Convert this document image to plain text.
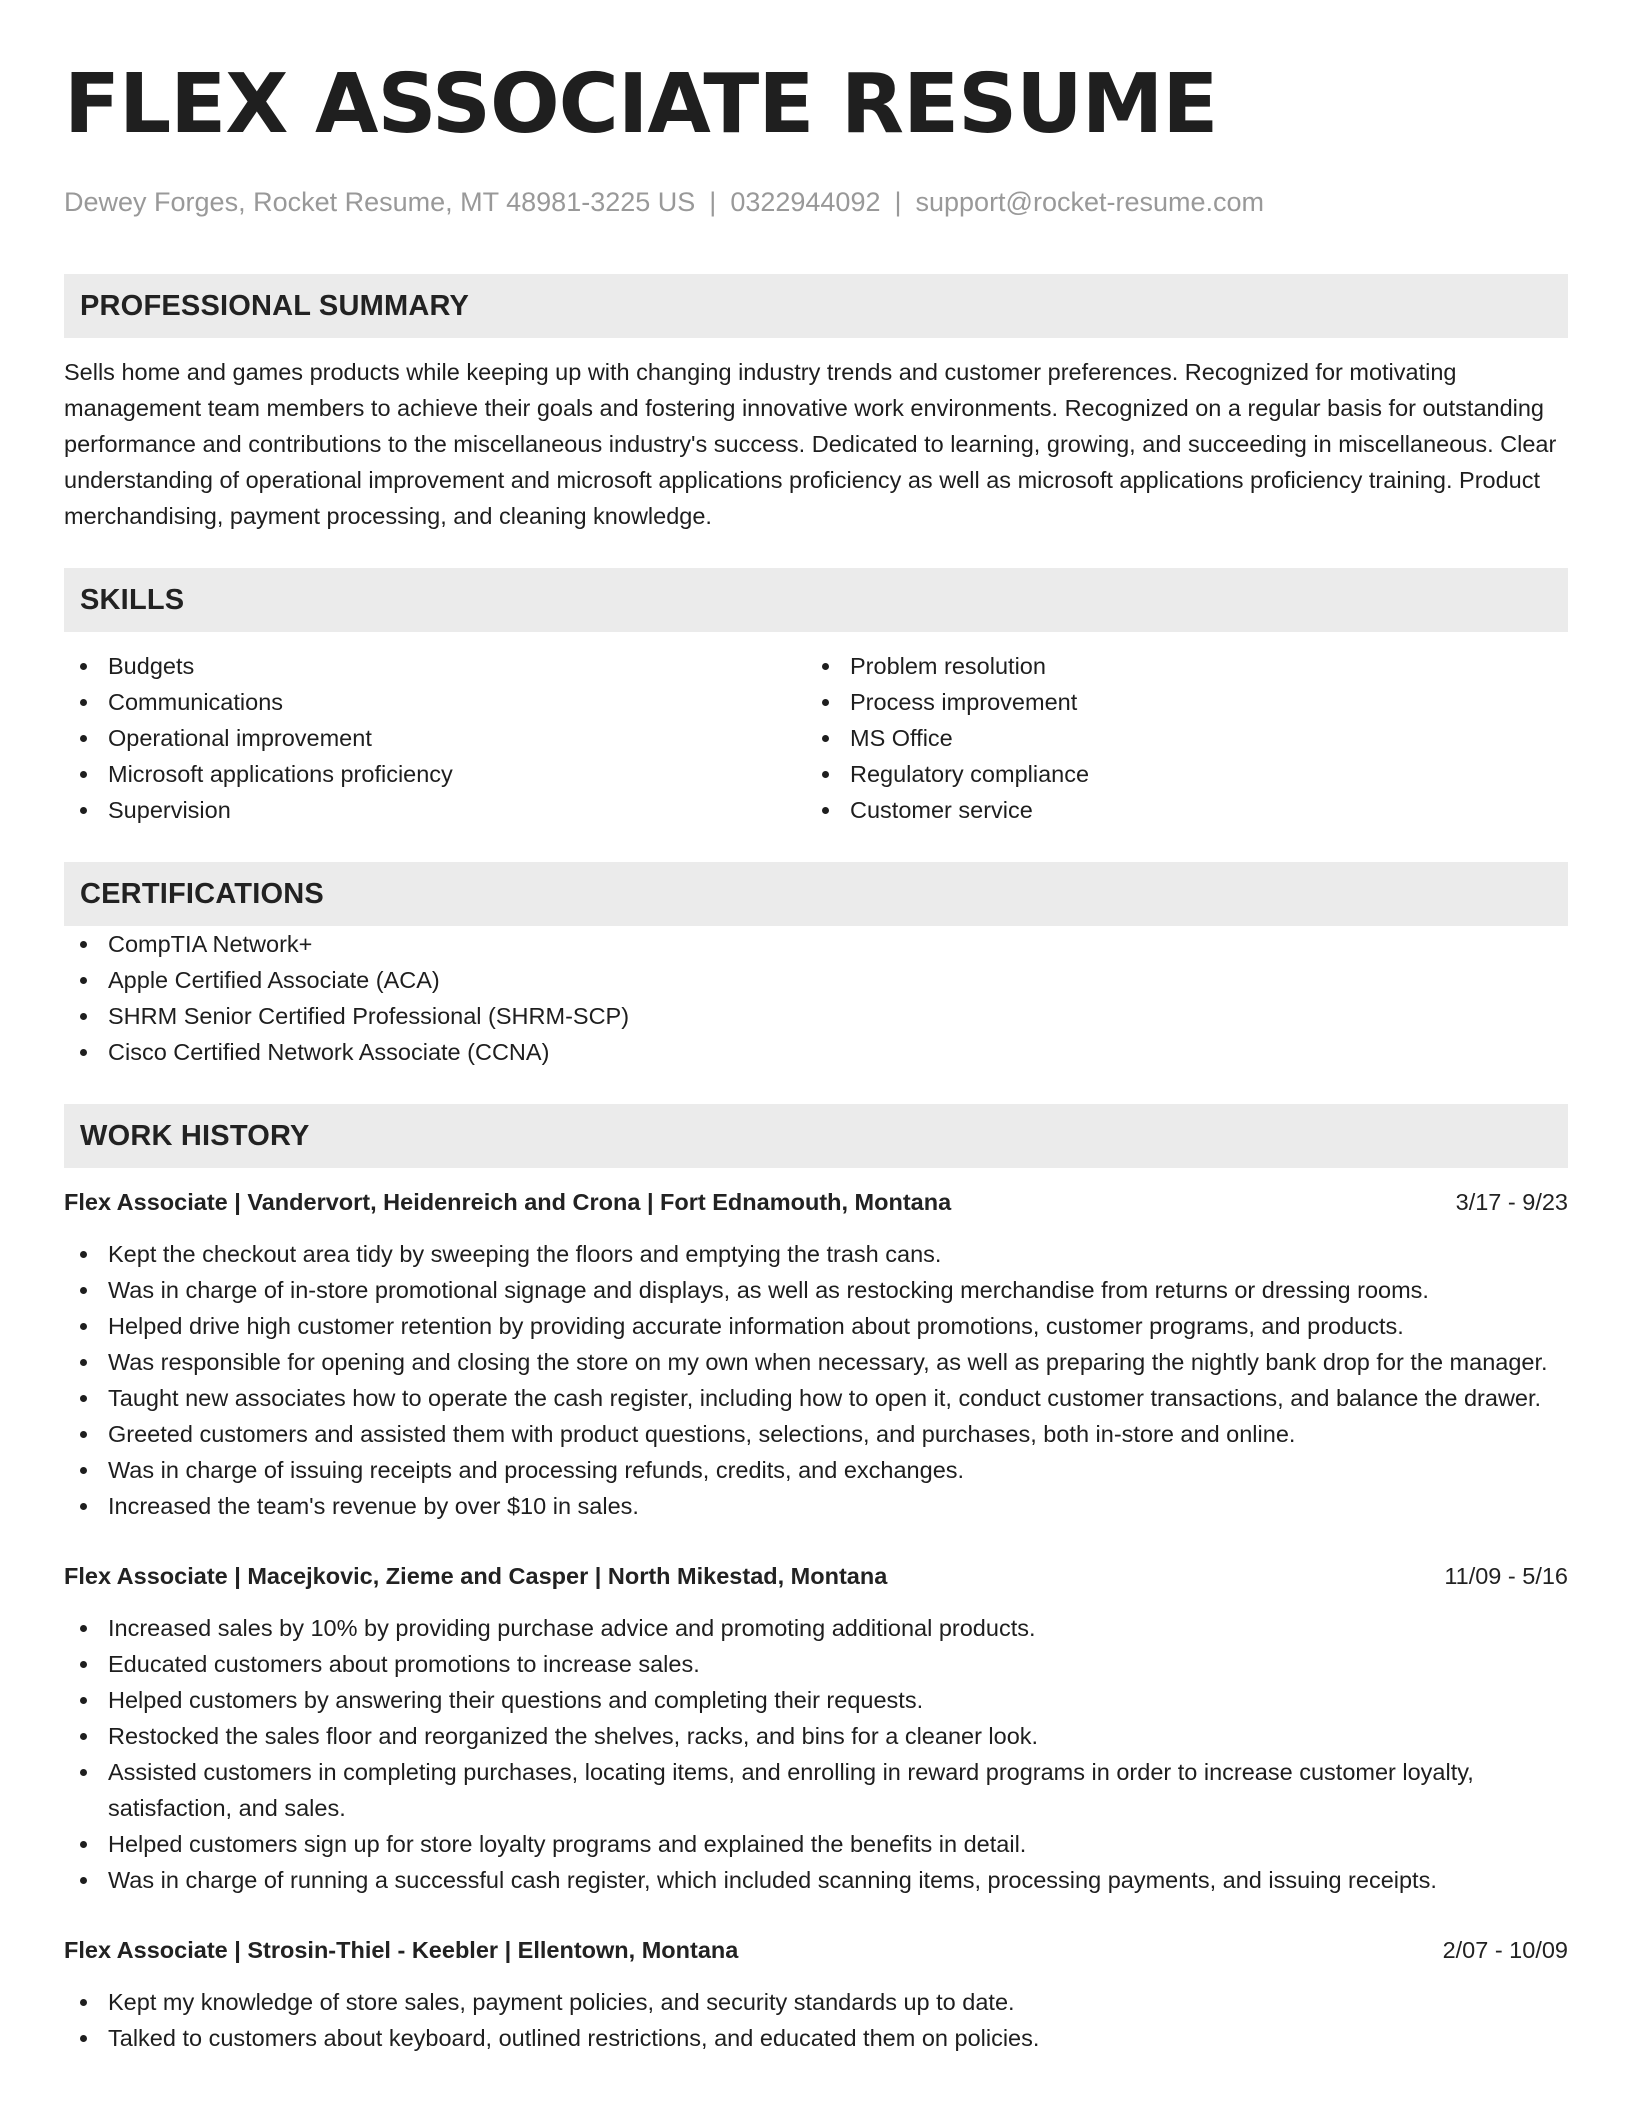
FLEX ASSOCIATE RESUME
Dewey Forges, Rocket Resume, MT 48981-3225 US | 0322944092 | support@rocket-resume.com
PROFESSIONAL SUMMARY
Sells home and games products while keeping up with changing industry trends and customer preferences. Recognized for motivating management team members to achieve their goals and fostering innovative work environments. Recognized on a regular basis for outstanding performance and contributions to the miscellaneous industry's success. Dedicated to learning, growing, and succeeding in miscellaneous. Clear understanding of operational improvement and microsoft applications proficiency as well as microsoft applications proficiency training. Product merchandising, payment processing, and cleaning knowledge.
SKILLS
Budgets
Communications
Operational improvement
Microsoft applications proficiency
Supervision
Problem resolution
Process improvement
MS Office
Regulatory compliance
Customer service
CERTIFICATIONS
CompTIA Network+
Apple Certified Associate (ACA)
SHRM Senior Certified Professional (SHRM-SCP)
Cisco Certified Network Associate (CCNA)
WORK HISTORY
Flex Associate | Vandervort, Heidenreich and Crona | Fort Ednamouth, Montana	3/17 - 9/23
Kept the checkout area tidy by sweeping the floors and emptying the trash cans.
Was in charge of in-store promotional signage and displays, as well as restocking merchandise from returns or dressing rooms.
Helped drive high customer retention by providing accurate information about promotions, customer programs, and products.
Was responsible for opening and closing the store on my own when necessary, as well as preparing the nightly bank drop for the manager.
Taught new associates how to operate the cash register, including how to open it, conduct customer transactions, and balance the drawer.
Greeted customers and assisted them with product questions, selections, and purchases, both in-store and online.
Was in charge of issuing receipts and processing refunds, credits, and exchanges.
Increased the team's revenue by over $10 in sales.
Flex Associate | Macejkovic, Zieme and Casper | North Mikestad, Montana	11/09 - 5/16
Increased sales by 10% by providing purchase advice and promoting additional products.
Educated customers about promotions to increase sales.
Helped customers by answering their questions and completing their requests.
Restocked the sales floor and reorganized the shelves, racks, and bins for a cleaner look.
Assisted customers in completing purchases, locating items, and enrolling in reward programs in order to increase customer loyalty, satisfaction, and sales.
Helped customers sign up for store loyalty programs and explained the benefits in detail.
Was in charge of running a successful cash register, which included scanning items, processing payments, and issuing receipts.
Flex Associate | Strosin-Thiel - Keebler | Ellentown, Montana	2/07 - 10/09
Kept my knowledge of store sales, payment policies, and security standards up to date.
Talked to customers about keyboard, outlined restrictions, and educated them on policies.
